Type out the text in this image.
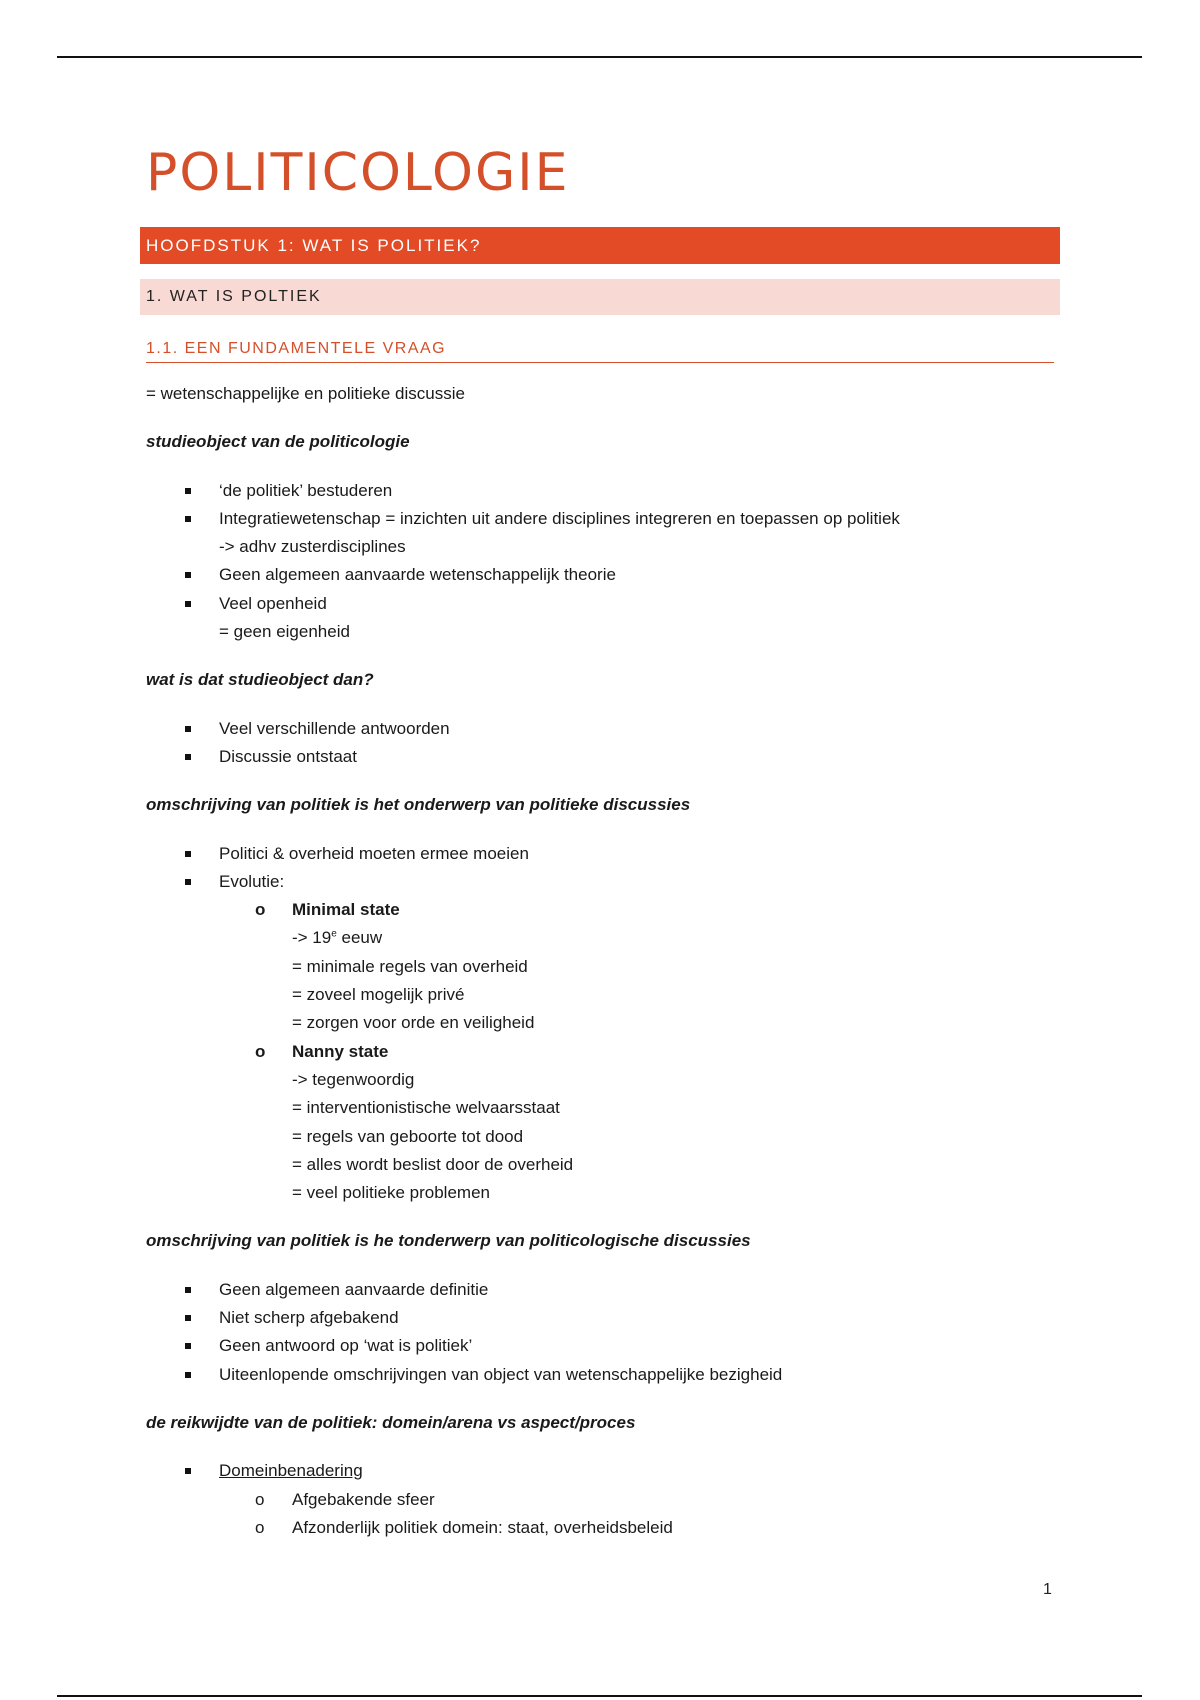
POLITICOLOGIE
HOOFDSTUK 1: WAT IS POLITIEK?
1. WAT IS POLTIEK
1.1. EEN FUNDAMENTELE VRAAG

= wetenschappelijke en politieke discussie

studieobject van de politicologie

‘de politiek’ bestuderen
Integratiewetenschap = inzichten uit andere disciplines integreren en toepassen op politiek
-> adhv zusterdisciplines
Geen algemeen aanvaarde wetenschappelijk theorie
Veel openheid
= geen eigenheid

wat is dat studieobject dan?

Veel verschillende antwoorden
Discussie ontstaat

omschrijving van politiek is het onderwerp van politieke discussies

Politici & overheid moeten ermee moeien
Evolutie:
o Minimal state
-> $19^e$ eeuw
= minimale regels van overheid
= zoveel mogelijk privé
= zorgen voor orde en veiligheid
o Nanny state
-> tegenwoordig
= interventionistische welvaarsstaat
= regels van geboorte tot dood
= alles wordt beslist door de overheid
= veel politieke problemen

omschrijving van politiek is he tonderwerp van politicologische discussies

Geen algemeen aanvaarde definitie
Niet scherp afgebakend
Geen antwoord op ‘wat is politiek’
Uiteenlopende omschrijvingen van object van wetenschappelijke bezigheid

de reikwijdte van de politiek: domein/arena vs aspect/proces

Domeinbenadering
o Afgebakende sfeer
o Afzonderlijk politiek domein: staat, overheidsbeleid
1
